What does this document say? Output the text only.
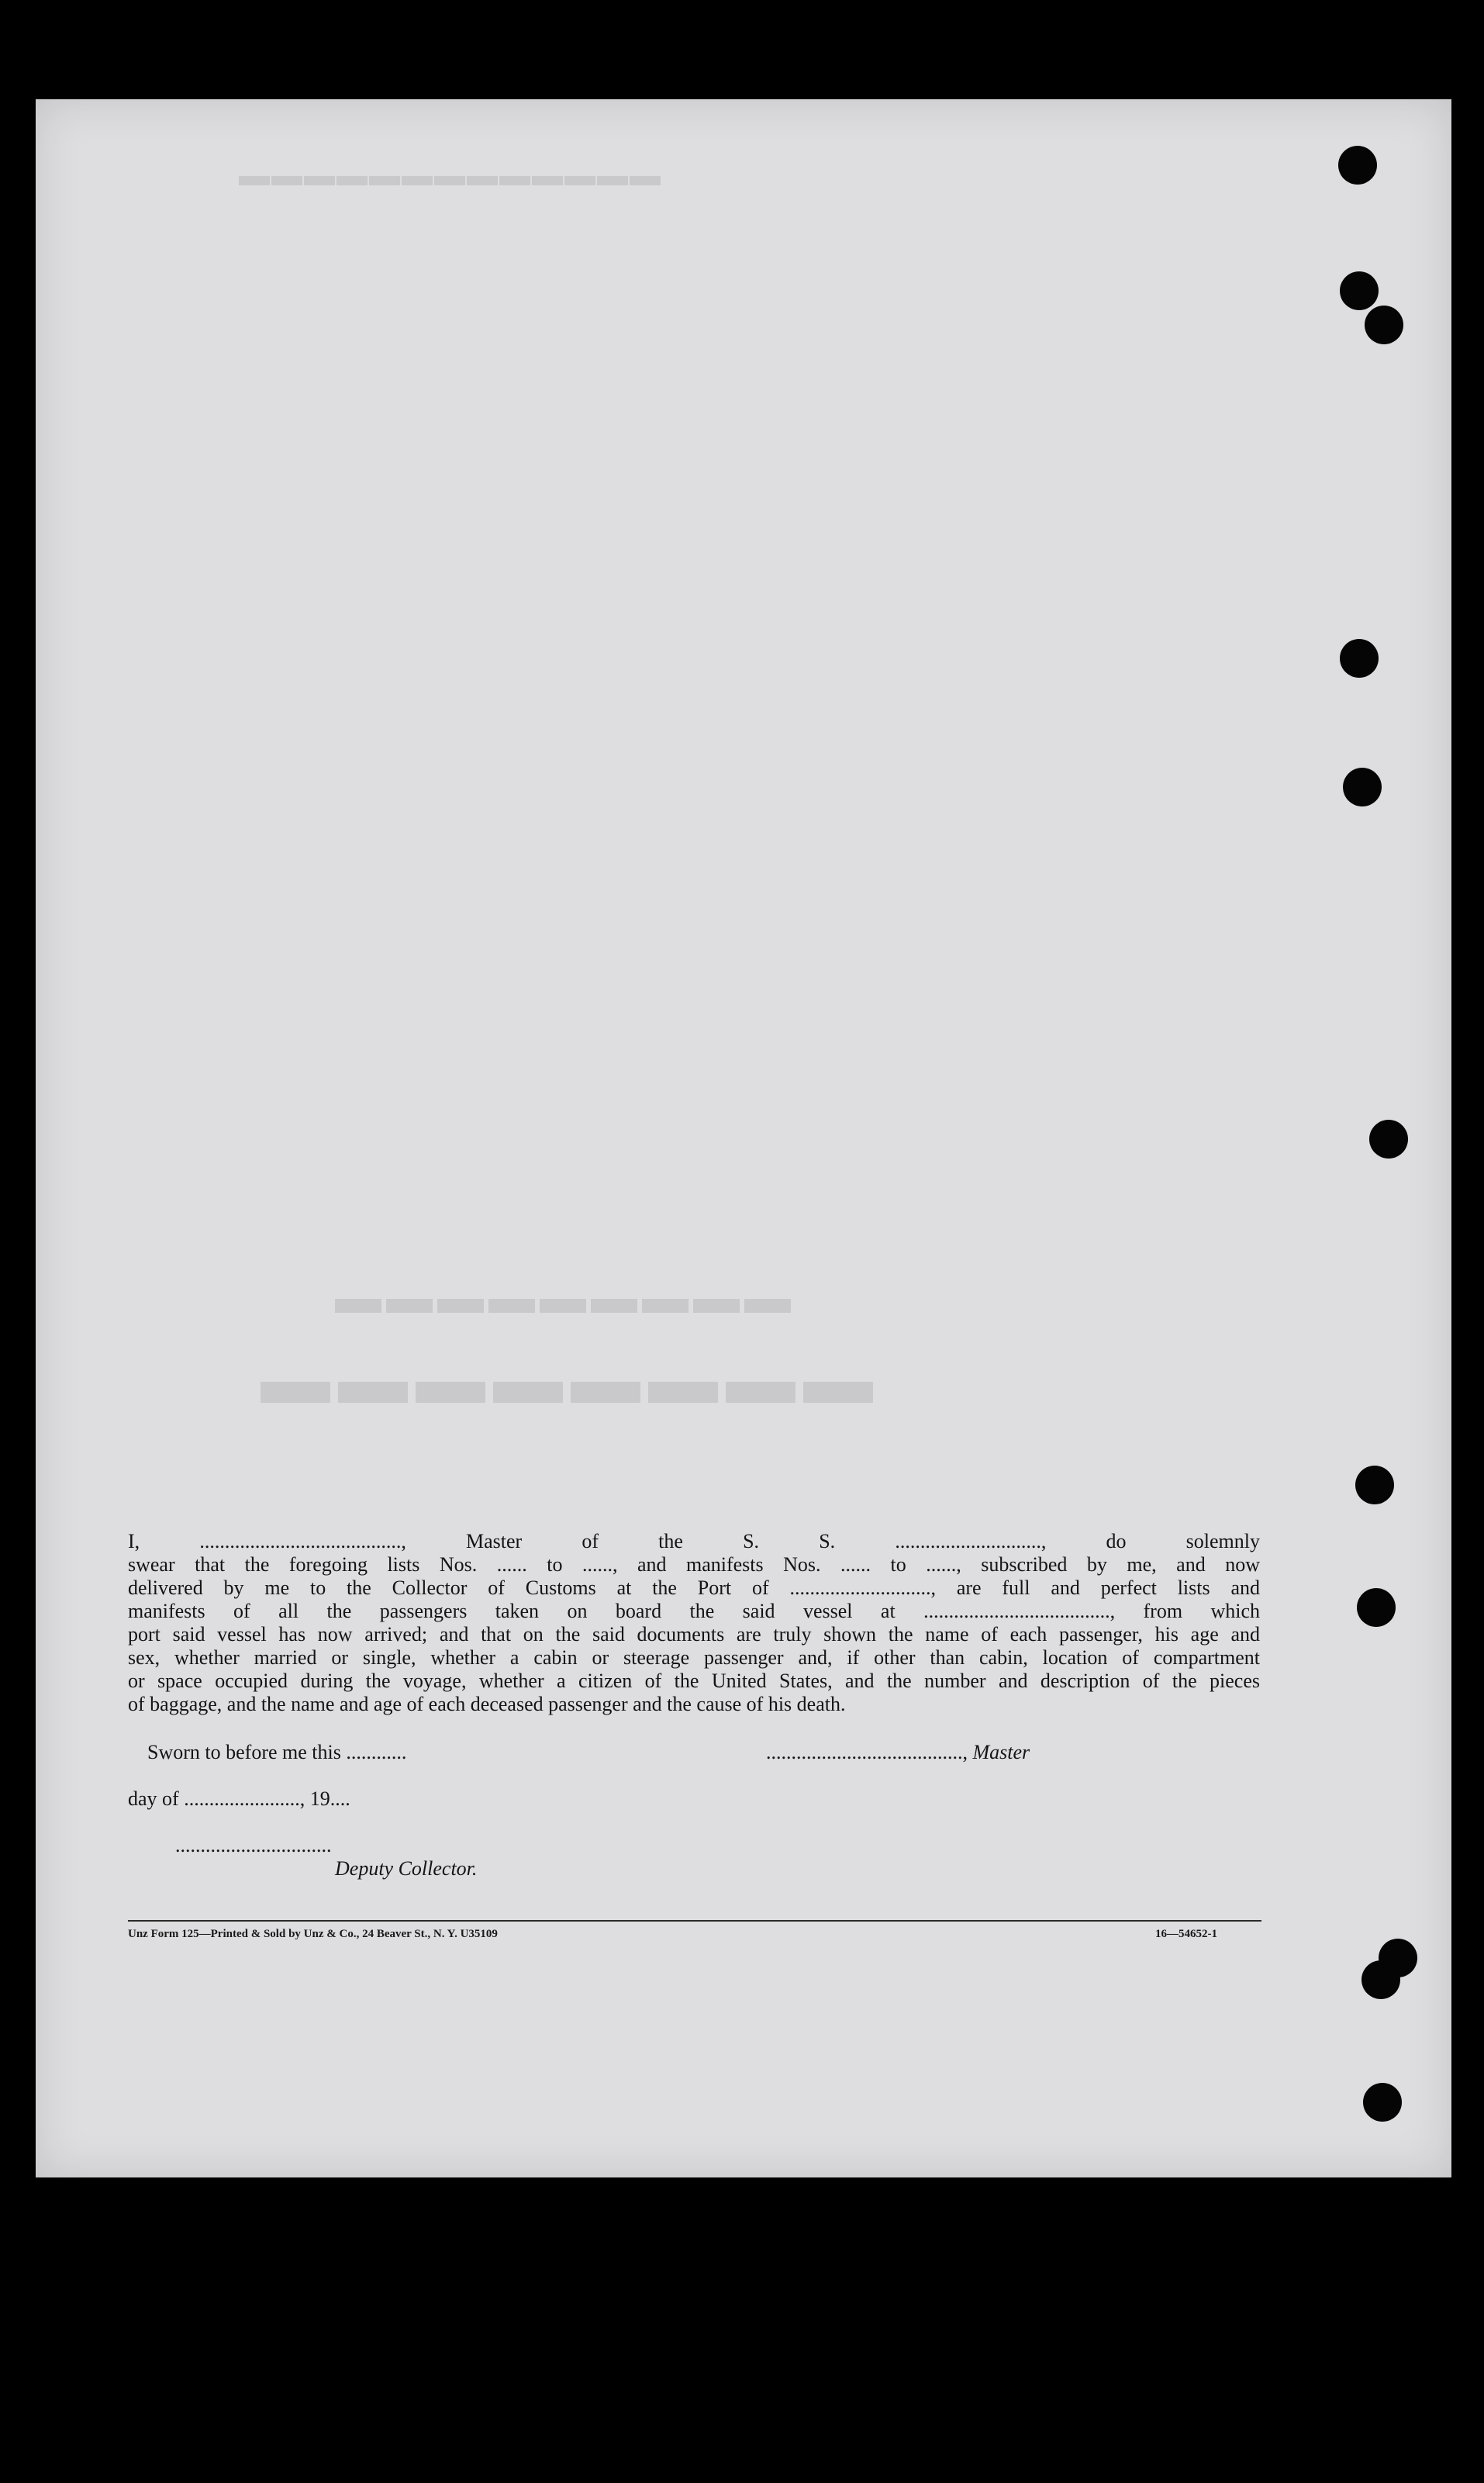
▬▬▬▬▬▬▬▬▬▬▬▬▬
▬▬▬▬▬▬▬▬▬
▬▬▬▬▬▬▬▬

I, ........................................, Master of the S. S. ............................., do solemnly
swear that the foregoing lists Nos. ...... to ......, and manifests Nos. ...... to ......, subscribed by me, and now
delivered by me to the Collector of Customs at the Port of ............................, are full and perfect lists and
manifests of all the passengers taken on board the said vessel at ....................................., from which
port said vessel has now arrived; and that on the said documents are truly shown the name of each passenger, his age and
sex, whether married or single, whether a cabin or steerage passenger and, if other than cabin, location of compartment
or space occupied during the voyage, whether a citizen of the United States, and the number and description of the pieces
of baggage, and the name and age of each deceased passenger and the cause of his death.

Sworn to before me this ............	......................................., Master
day of ......................., 19....
...............................
Deputy Collector.
Unz Form 125—Printed & Sold by Unz & Co., 24 Beaver St., N. Y. U35109	16—54652-1
